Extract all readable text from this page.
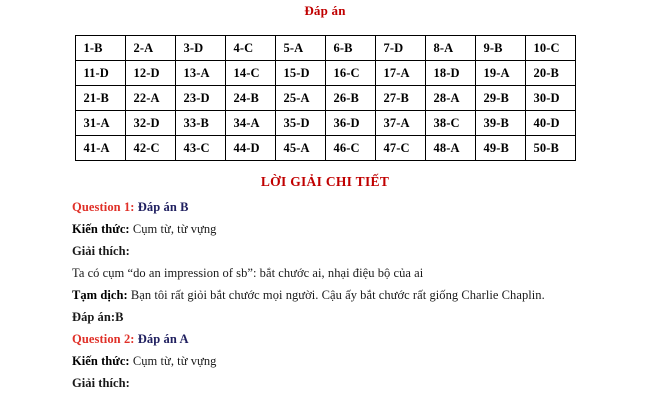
Đáp án
1-B	2-A	3-D	4-C	5-A	6-B	7-D	8-A	9-B	10-C
11-D	12-D	13-A	14-C	15-D	16-C	17-A	18-D	19-A	20-B
21-B	22-A	23-D	24-B	25-A	26-B	27-B	28-A	29-B	30-D
31-A	32-D	33-B	34-A	35-D	36-D	37-A	38-C	39-B	40-D
41-A	42-C	43-C	44-D	45-A	46-C	47-C	48-A	49-B	50-B
LỜI GIẢI CHI TIẾT
Question 1: Đáp án B
Kiến thức: Cụm từ, từ vựng
Giải thích:
Ta có cụm “do an impression of sb”: bắt chước ai, nhại điệu bộ của ai
Tạm dịch: Bạn tôi rất giỏi bắt chước mọi người. Cậu ấy bắt chước rất giống Charlie Chaplin.
Đáp án:B
Question 2: Đáp án A
Kiến thức: Cụm từ, từ vựng
Giải thích:
